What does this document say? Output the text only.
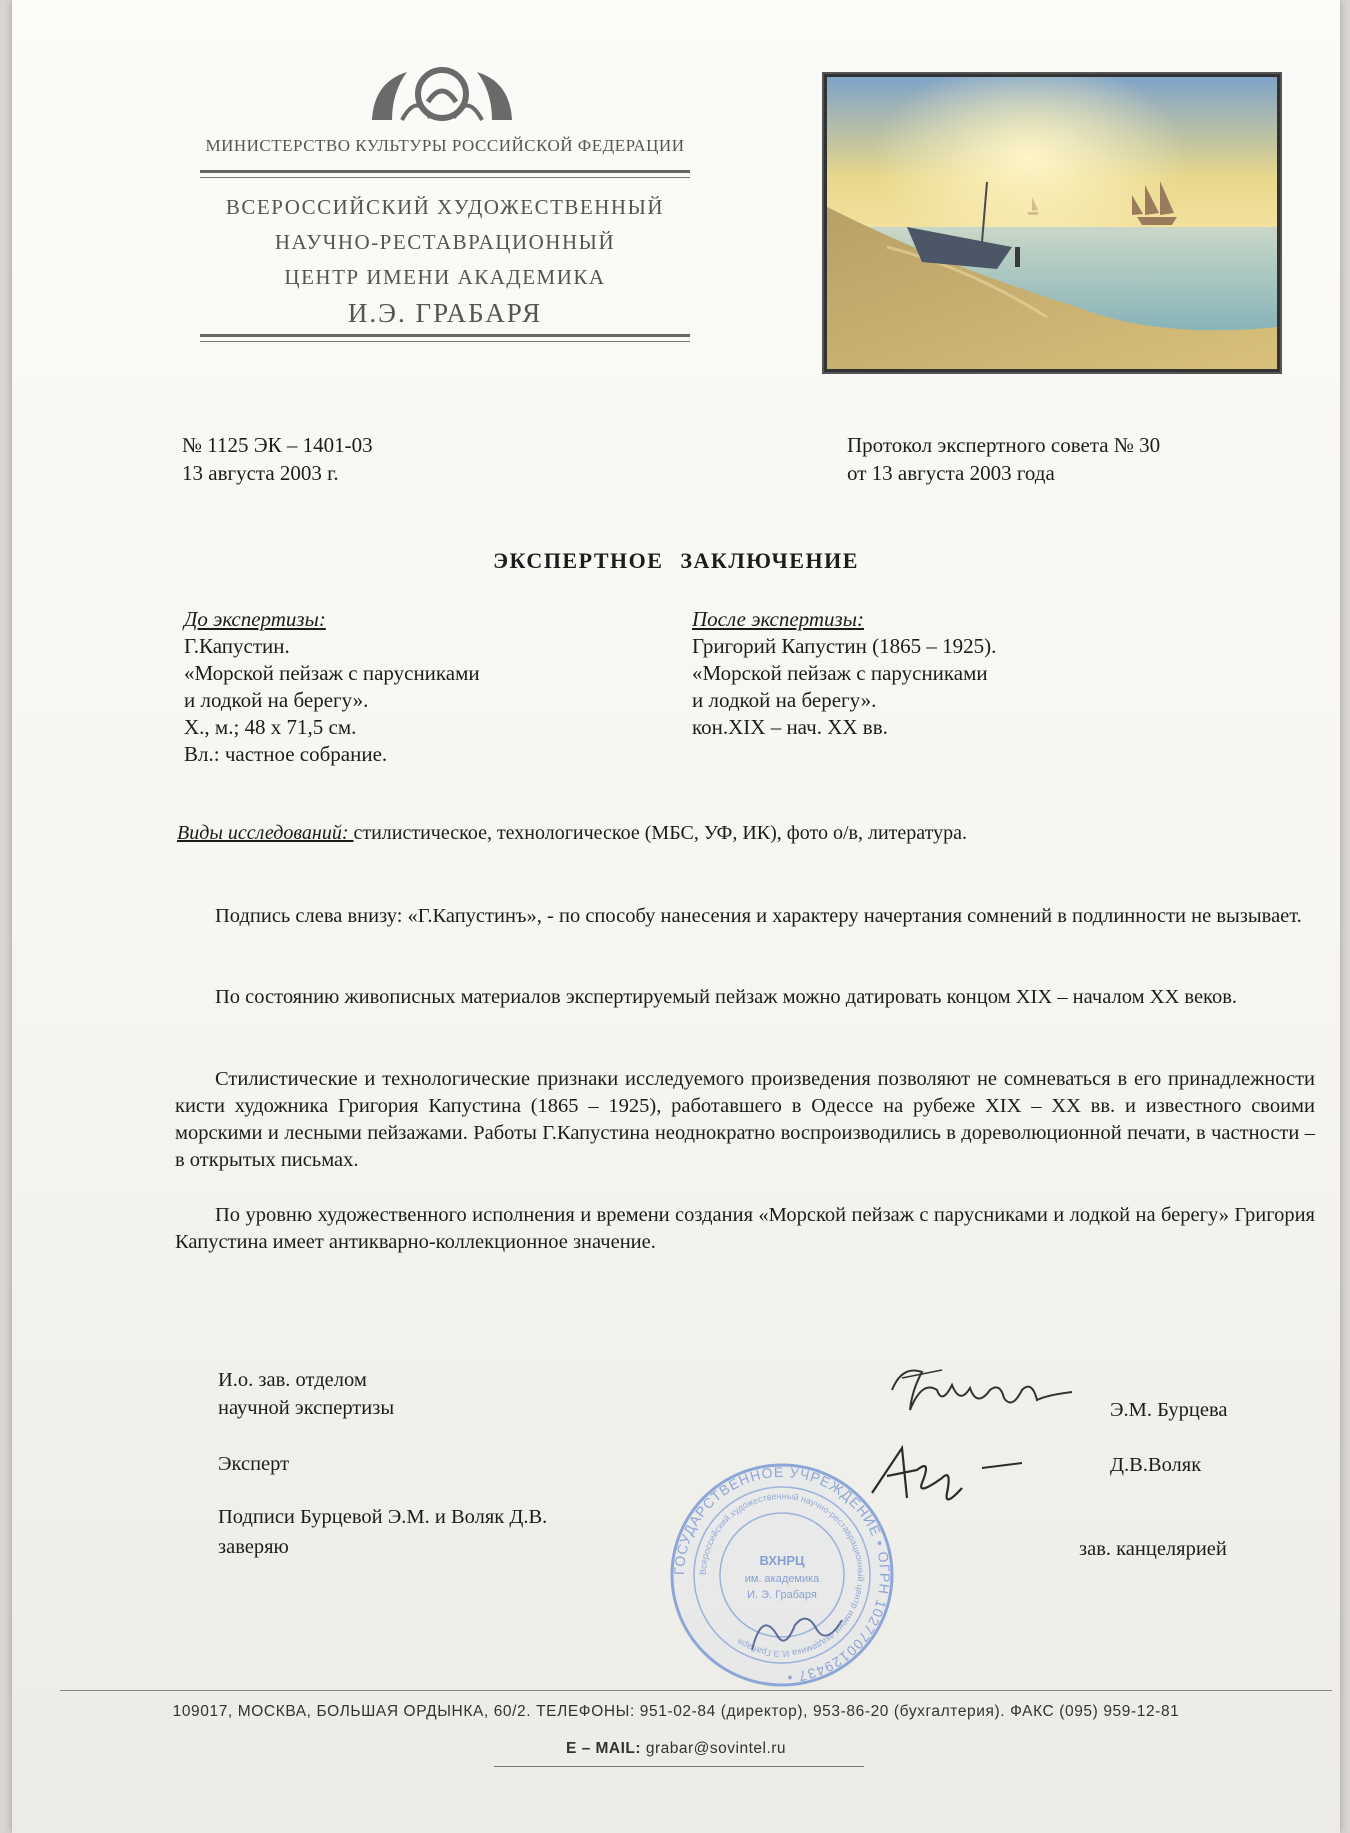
МИНИСТЕРСТВО КУЛЬТУРЫ РОССИЙСКОЙ ФЕДЕРАЦИИ
ВСЕРОССИЙСКИЙ ХУДОЖЕСТВЕННЫЙ
НАУЧНО-РЕСТАВРАЦИОННЫЙ
ЦЕНТР ИМЕНИ АКАДЕМИКА
И.Э. ГРАБАРЯ
№ 1125 ЭК – 1401-03
13 августа 2003 г.
Протокол экспертного совета № 30
от 13 августа 2003 года
ЭКСПЕРТНОЕ ЗАКЛЮЧЕНИЕ
До экспертизы:
Г.Капустин.
«Морской пейзаж с парусниками
и лодкой на берегу».
Х., м.; 48 х 71,5 см.
Вл.: частное собрание.
После экспертизы:
Григорий Капустин (1865 – 1925).
«Морской пейзаж с парусниками
и лодкой на берегу».
кон.XIX – нач. XX вв.
Виды исследований: стилистическое, технологическое (МБС, УФ, ИК), фото о/в, литература.
Подпись слева внизу: «Г.Капустинъ», - по способу нанесения и характеру начертания сомнений в подлинности не вызывает.
По состоянию живописных материалов экспертируемый пейзаж можно датировать концом XIX – началом XX веков.
Стилистические и технологические признаки исследуемого произведения позволяют не сомневаться в его принадлежности кисти художника Григория Капустина (1865 – 1925), работавшего в Одессе на рубеже XIX – XX вв. и известного своими морскими и лесными пейзажами. Работы Г.Капустина неоднократно воспроизводились в дореволюционной печати, в частности – в открытых письмах.
По уровню художественного исполнения и времени создания «Морской пейзаж с парусниками и лодкой на берегу» Григория Капустина имеет антикварно-коллекционное значение.
И.о. зав. отделом
научной экспертизы	Э.М. Бурцева
Эксперт	Д.В.Воляк
Подписи Бурцевой Э.М. и Воляк Д.В.
заверяю	зав. канцелярией
ГОСУДАРСТВЕННОЕ УЧРЕЖДЕНИЕ • ОГРН 1027700129437 •
Всероссийский художественный научно-реставрационный центр имени академика И.Э.Грабаря
ВХНРЦ
им. академика
И. Э. Грабаря
109017, МОСКВА, БОЛЬШАЯ ОРДЫНКА, 60/2. ТЕЛЕФОНЫ: 951-02-84 (директор), 953-86-20 (бухгалтерия). ФАКС (095) 959-12-81
E – MAIL: grabar@sovintel.ru
